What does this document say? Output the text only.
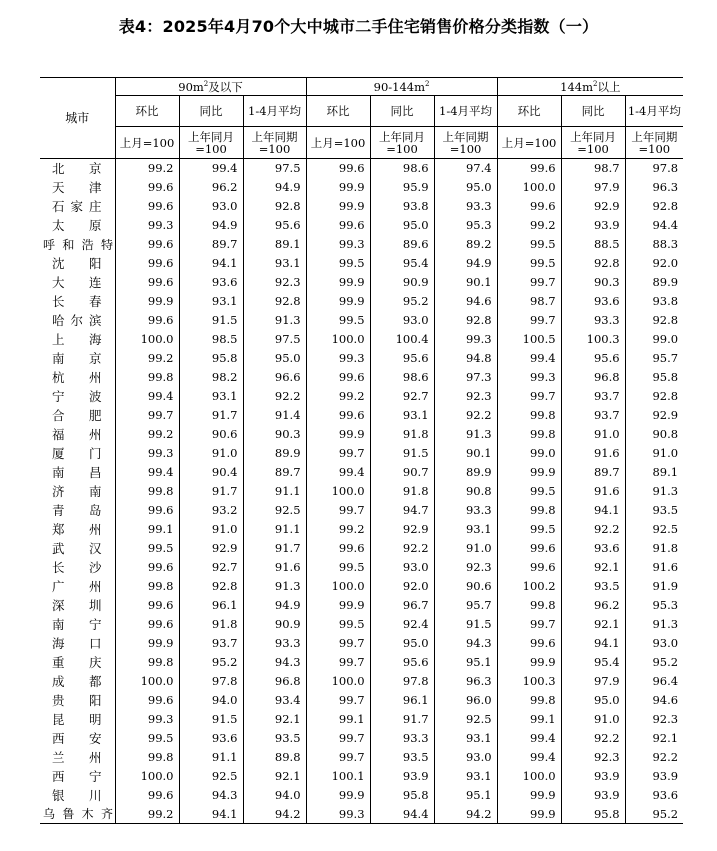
表4：2025年4月70个大中城市二手住宅销售价格分类指数（一）
城市	$90m^2$及以下			$90-144m^2$			$144m^2$以上		
	环比	同比	1-4月平均	环比	同比	1-4月平均	环比	同比	1-4月平均
	上月=100	上年同月=100	上年同期=100	上月=100	上年同月=100	上年同期=100	上月=100	上年同月=100	上年同期=100
北京	99.2	99.4	97.5	99.6	98.6	97.4	99.6	98.7	97.8
天津	99.6	96.2	94.9	99.9	95.9	95.0	100.0	97.9	96.3
石家庄	99.6	93.0	92.8	99.9	93.8	93.3	99.6	92.9	92.8
太原	99.3	94.9	95.6	99.6	95.0	95.3	99.2	93.9	94.4
呼和浩特	99.6	89.7	89.1	99.3	89.6	89.2	99.5	88.5	88.3
沈阳	99.6	94.1	93.1	99.5	95.4	94.9	99.5	92.8	92.0
大连	99.6	93.6	92.3	99.9	90.9	90.1	99.7	90.3	89.9
长春	99.9	93.1	92.8	99.9	95.2	94.6	98.7	93.6	93.8
哈尔滨	99.6	91.5	91.3	99.5	93.0	92.8	99.7	93.3	92.8
上海	100.0	98.5	97.5	100.0	100.4	99.3	100.5	100.3	99.0
南京	99.2	95.8	95.0	99.3	95.6	94.8	99.4	95.6	95.7
杭州	99.8	98.2	96.6	99.6	98.6	97.3	99.3	96.8	95.8
宁波	99.4	93.1	92.2	99.2	92.7	92.3	99.7	93.7	92.8
合肥	99.7	91.7	91.4	99.6	93.1	92.2	99.8	93.7	92.9
福州	99.2	90.6	90.3	99.9	91.8	91.3	99.8	91.0	90.8
厦门	99.3	91.0	89.9	99.7	91.5	90.1	99.0	91.6	91.0
南昌	99.4	90.4	89.7	99.4	90.7	89.9	99.9	89.7	89.1
济南	99.8	91.7	91.1	100.0	91.8	90.8	99.5	91.6	91.3
青岛	99.6	93.2	92.5	99.7	94.7	93.3	99.8	94.1	93.5
郑州	99.1	91.0	91.1	99.2	92.9	93.1	99.5	92.2	92.5
武汉	99.5	92.9	91.7	99.6	92.2	91.0	99.6	93.6	91.8
长沙	99.6	92.7	91.6	99.5	93.0	92.3	99.6	92.1	91.6
广州	99.8	92.8	91.3	100.0	92.0	90.6	100.2	93.5	91.9
深圳	99.6	96.1	94.9	99.9	96.7	95.7	99.8	96.2	95.3
南宁	99.6	91.8	90.9	99.5	92.4	91.5	99.7	92.1	91.3
海口	99.9	93.7	93.3	99.7	95.0	94.3	99.6	94.1	93.0
重庆	99.8	95.2	94.3	99.7	95.6	95.1	99.9	95.4	95.2
成都	100.0	97.8	96.8	100.0	97.8	96.3	100.3	97.9	96.4
贵阳	99.6	94.0	93.4	99.7	96.1	96.0	99.8	95.0	94.6
昆明	99.3	91.5	92.1	99.1	91.7	92.5	99.1	91.0	92.3
西安	99.5	93.6	93.5	99.7	93.3	93.1	99.4	92.2	92.1
兰州	99.8	91.1	89.8	99.7	93.5	93.0	99.4	92.3	92.2
西宁	100.0	92.5	92.1	100.1	93.9	93.1	100.0	93.9	93.9
银川	99.6	94.3	94.0	99.9	95.8	95.1	99.9	93.9	93.6
乌鲁木齐	99.2	94.1	94.2	99.3	94.4	94.2	99.9	95.8	95.2
